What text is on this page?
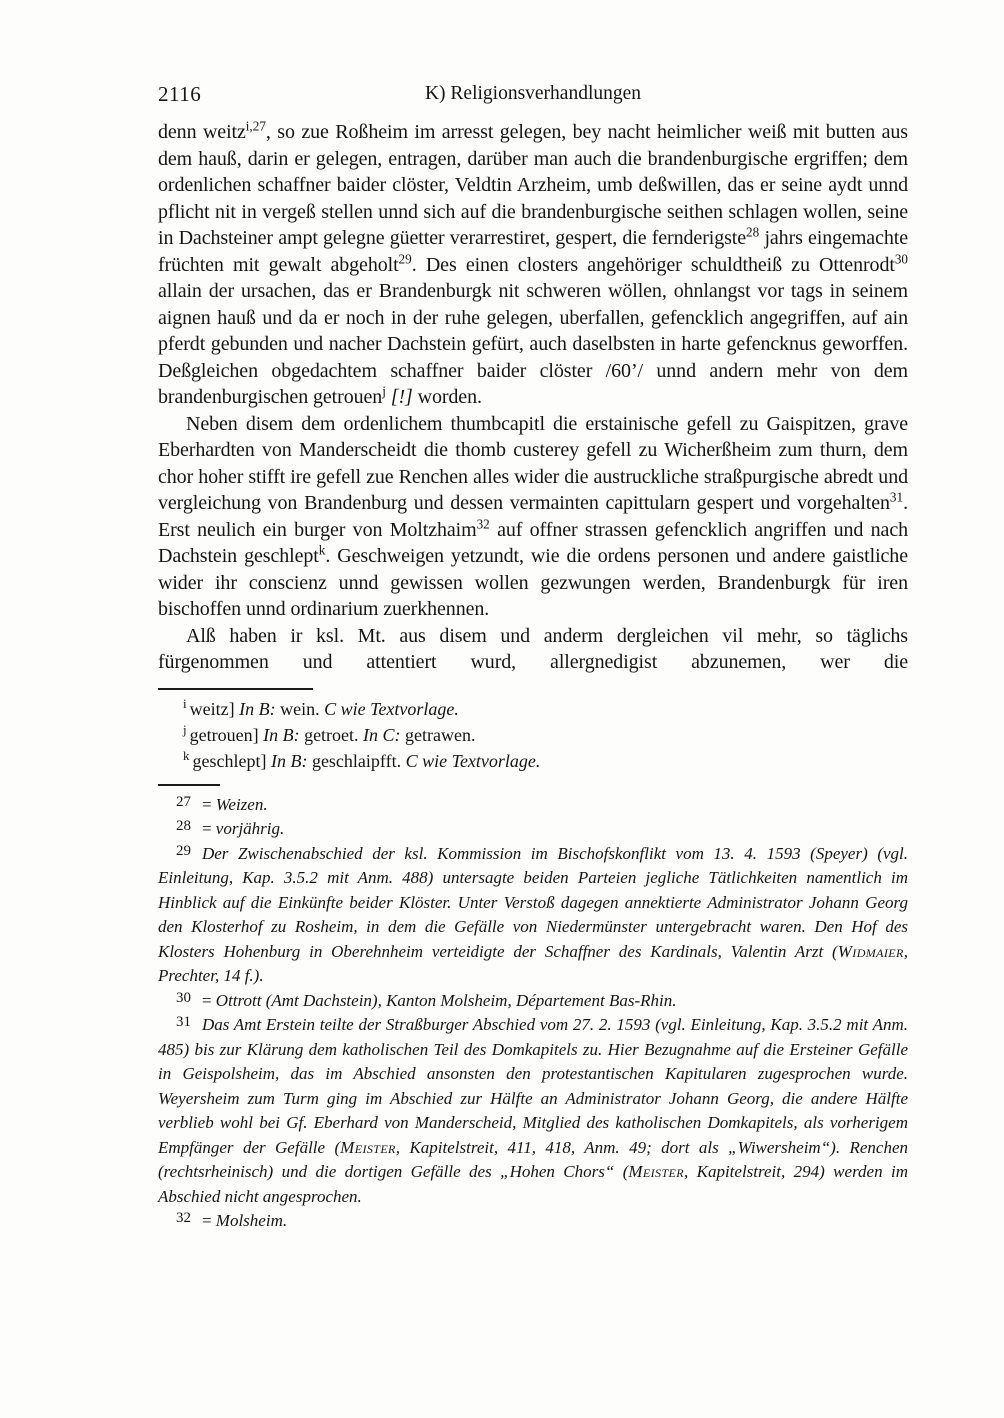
2116	K) Religionsverhandlungen

denn weitz$^{i,27}$, so zue Roßheim im arresst gelegen, bey nacht heimlicher weiß mit butten aus dem hauß, darin er gelegen, entragen, darüber man auch die brandenburgische ergriffen; dem ordenlichen schaffner baider clöster, Veldtin Arzheim, umb deßwillen, das er seine aydt unnd pflicht nit in vergeß stellen unnd sich auf die brandenburgische seithen schlagen wollen, seine in Dachsteiner ampt gelegne güetter verarrestiret, gespert, die fernderigste$^{28}$ jahrs eingemachte früchten mit gewalt abgeholt$^{29}$. Des einen closters angehöriger schuldtheiß zu Ottenrodt$^{30}$ allain der ursachen, das er Brandenburgk nit schweren wöllen, ohnlangst vor tags in seinem aignen hauß und da er noch in der ruhe gelegen, uberfallen, gefencklich angegriffen, auf ain pferdt gebunden und nacher Dachstein gefürt, auch daselbsten in harte gefencknus geworffen. Deßgleichen obgedachtem schaffner baider clöster /60’/ unnd andern mehr von dem brandenburgischen getrouen$^j$ [!] worden.

Neben disem dem ordenlichem thumbcapitl die erstainische gefell zu Gaispitzen, grave Eberhardten von Manderscheidt die thomb custerey gefell zu Wicherßheim zum thurn, dem chor hoher stifft ire gefell zue Renchen alles wider die austruckliche straßpurgische abredt und vergleichung von Brandenburg und dessen vermainten capittularn gespert und vorgehalten$^{31}$. Erst neulich ein burger von Moltzhaim$^{32}$ auf offner strassen gefencklich angriffen und nach Dachstein geschlept$^k$. Geschweigen yetzundt, wie die ordens personen und andere gaistliche wider ihr conscienz unnd gewissen wollen gezwungen werden, Brandenburgk für iren bischoffen unnd ordinarium zuerkhennen.

Alß haben ir ksl. Mt. aus disem und anderm dergleichen vil mehr, so täglichs fürgenommen und attentiert wurd, allergnedigist abzunemen, wer die

$^i$ weitz] In B: wein. C wie Textvorlage.

$^j$ getrouen] In B: getroet. In C: getrawen.

$^k$ geschlept] In B: geschlaipfft. C wie Textvorlage.

$^{27}$ = Weizen.

$^{28}$ = vorjährig.

$^{29}$ Der Zwischenabschied der ksl. Kommission im Bischofskonflikt vom 13. 4. 1593 (Speyer) (vgl. Einleitung, Kap. 3.5.2 mit Anm. 488) untersagte beiden Parteien jegliche Tätlichkeiten namentlich im Hinblick auf die Einkünfte beider Klöster. Unter Verstoß dagegen annektierte Administrator Johann Georg den Klosterhof zu Rosheim, in dem die Gefälle von Niedermünster untergebracht waren. Den Hof des Klosters Hohenburg in Oberehnheim verteidigte der Schaffner des Kardinals, Valentin Arzt (Widmaier, Prechter, 14 f.).

$^{30}$ = Ottrott (Amt Dachstein), Kanton Molsheim, Département Bas-Rhin.

$^{31}$ Das Amt Erstein teilte der Straßburger Abschied vom 27. 2. 1593 (vgl. Einleitung, Kap. 3.5.2 mit Anm. 485) bis zur Klärung dem katholischen Teil des Domkapitels zu. Hier Bezugnahme auf die Ersteiner Gefälle in Geispolsheim, das im Abschied ansonsten den protestantischen Kapitularen zugesprochen wurde. Weyersheim zum Turm ging im Abschied zur Hälfte an Administrator Johann Georg, die andere Hälfte verblieb wohl bei Gf. Eberhard von Manderscheid, Mitglied des katholischen Domkapitels, als vorherigem Empfänger der Gefälle (Meister, Kapitelstreit, 411, 418, Anm. 49; dort als „Wiwersheim“). Renchen (rechtsrheinisch) und die dortigen Gefälle des „Hohen Chors“ (Meister, Kapitelstreit, 294) werden im Abschied nicht angesprochen.

$^{32}$ = Molsheim.
